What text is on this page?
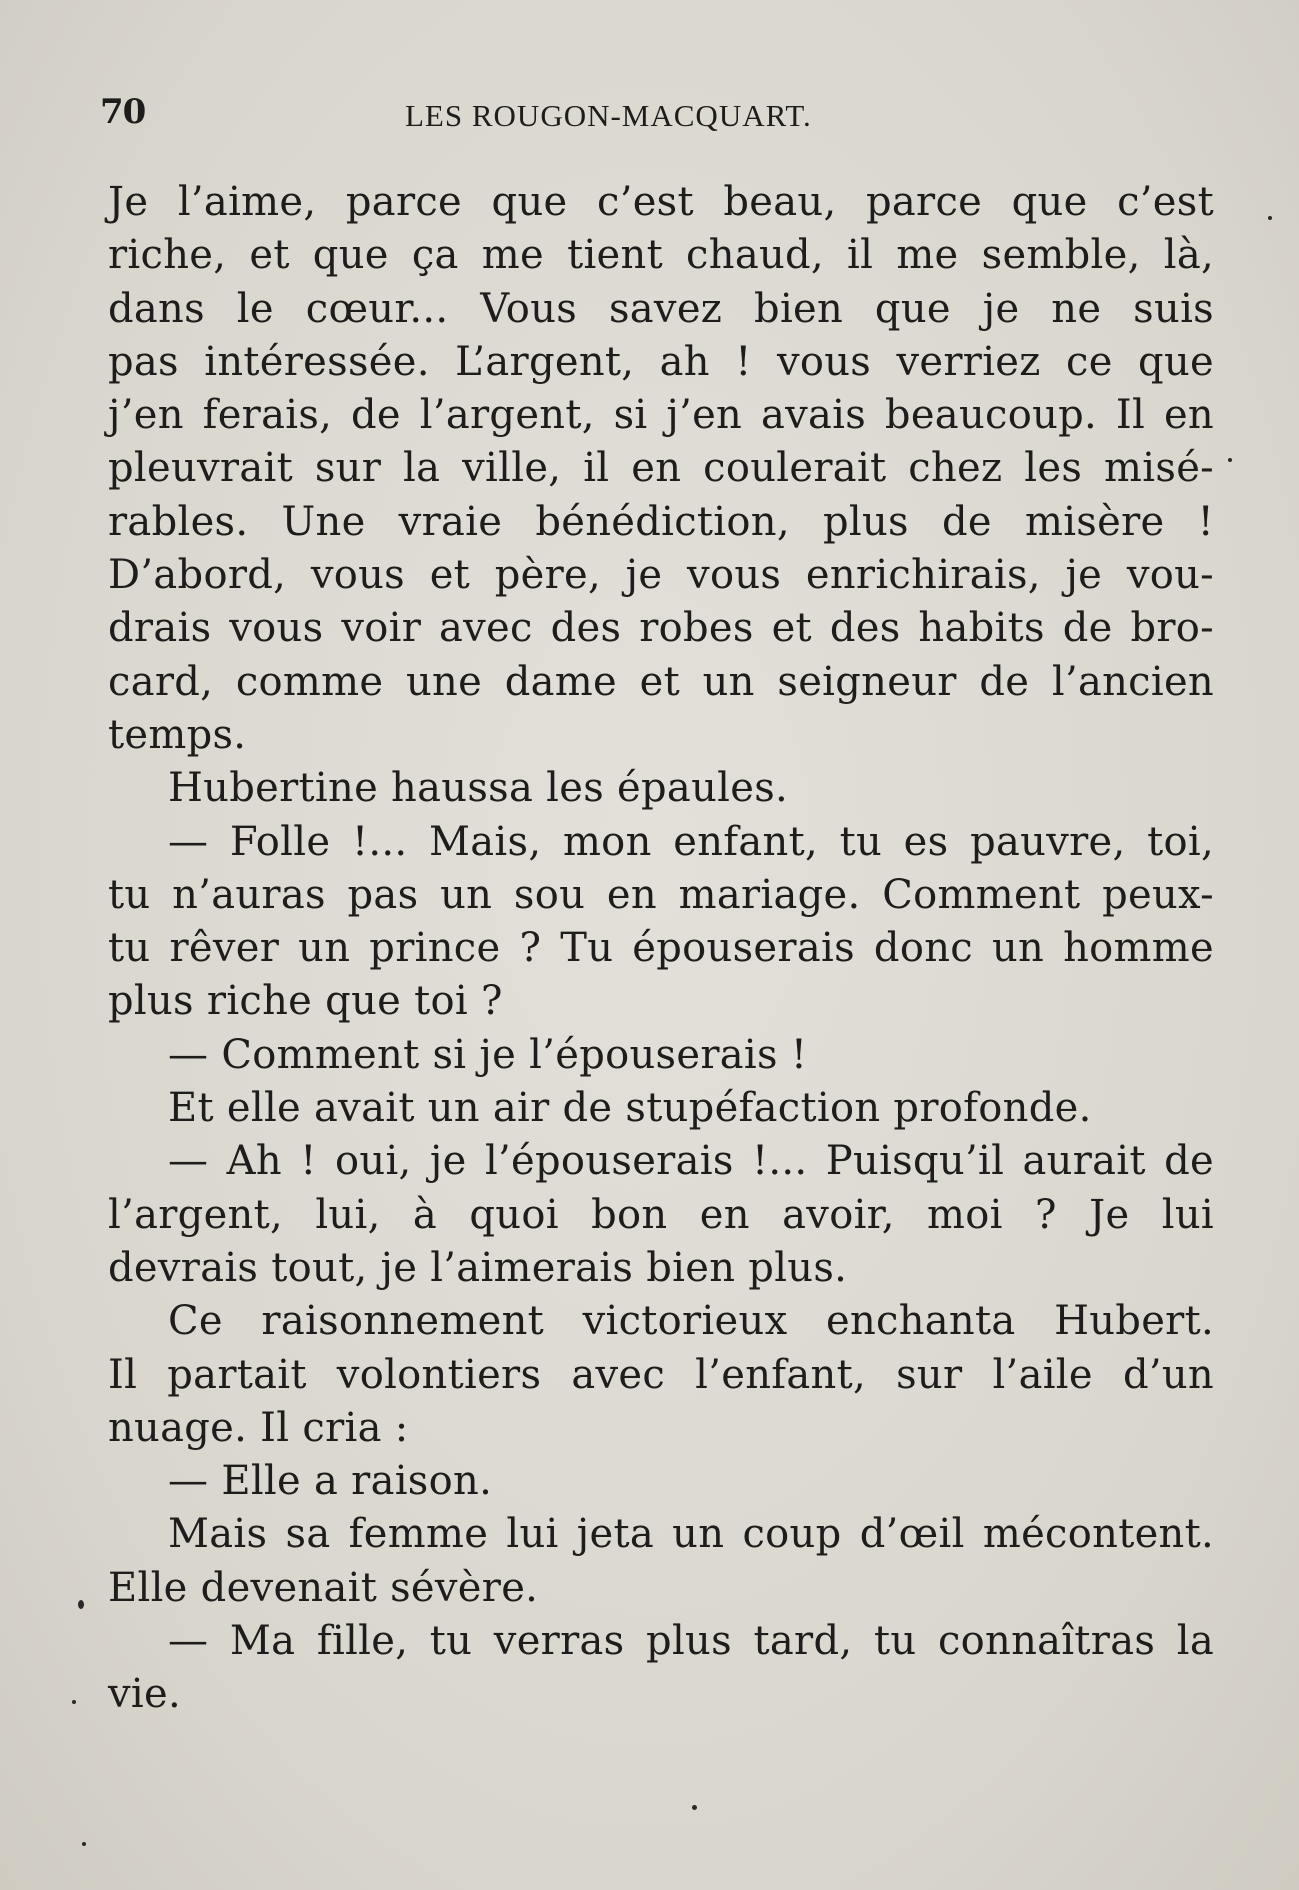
70	LES ROUGON-MACQUART.
Je l’aime, parce que c’est beau, parce que c’est
riche, et que ça me tient chaud, il me semble, là,
dans le cœur... Vous savez bien que je ne suis
pas intéressée. L’argent, ah ! vous verriez ce que
j’en ferais, de l’argent, si j’en avais beaucoup. Il en
pleuvrait sur la ville, il en coulerait chez les misé-
rables. Une vraie bénédiction, plus de misère !
D’abord, vous et père, je vous enrichirais, je vou-
drais vous voir avec des robes et des habits de bro-
card, comme une dame et un seigneur de l’ancien
temps.
Hubertine haussa les épaules.
— Folle !... Mais, mon enfant, tu es pauvre, toi,
tu n’auras pas un sou en mariage. Comment peux-
tu rêver un prince ? Tu épouserais donc un homme
plus riche que toi ?
— Comment si je l’épouserais !
Et elle avait un air de stupéfaction profonde.
— Ah ! oui, je l’épouserais !... Puisqu’il aurait de
l’argent, lui, à quoi bon en avoir, moi ? Je lui
devrais tout, je l’aimerais bien plus.
Ce raisonnement victorieux enchanta Hubert.
Il partait volontiers avec l’enfant, sur l’aile d’un
nuage. Il cria :
— Elle a raison.
Mais sa femme lui jeta un coup d’œil mécontent.
Elle devenait sévère.
— Ma fille, tu verras plus tard, tu connaîtras la
vie.
